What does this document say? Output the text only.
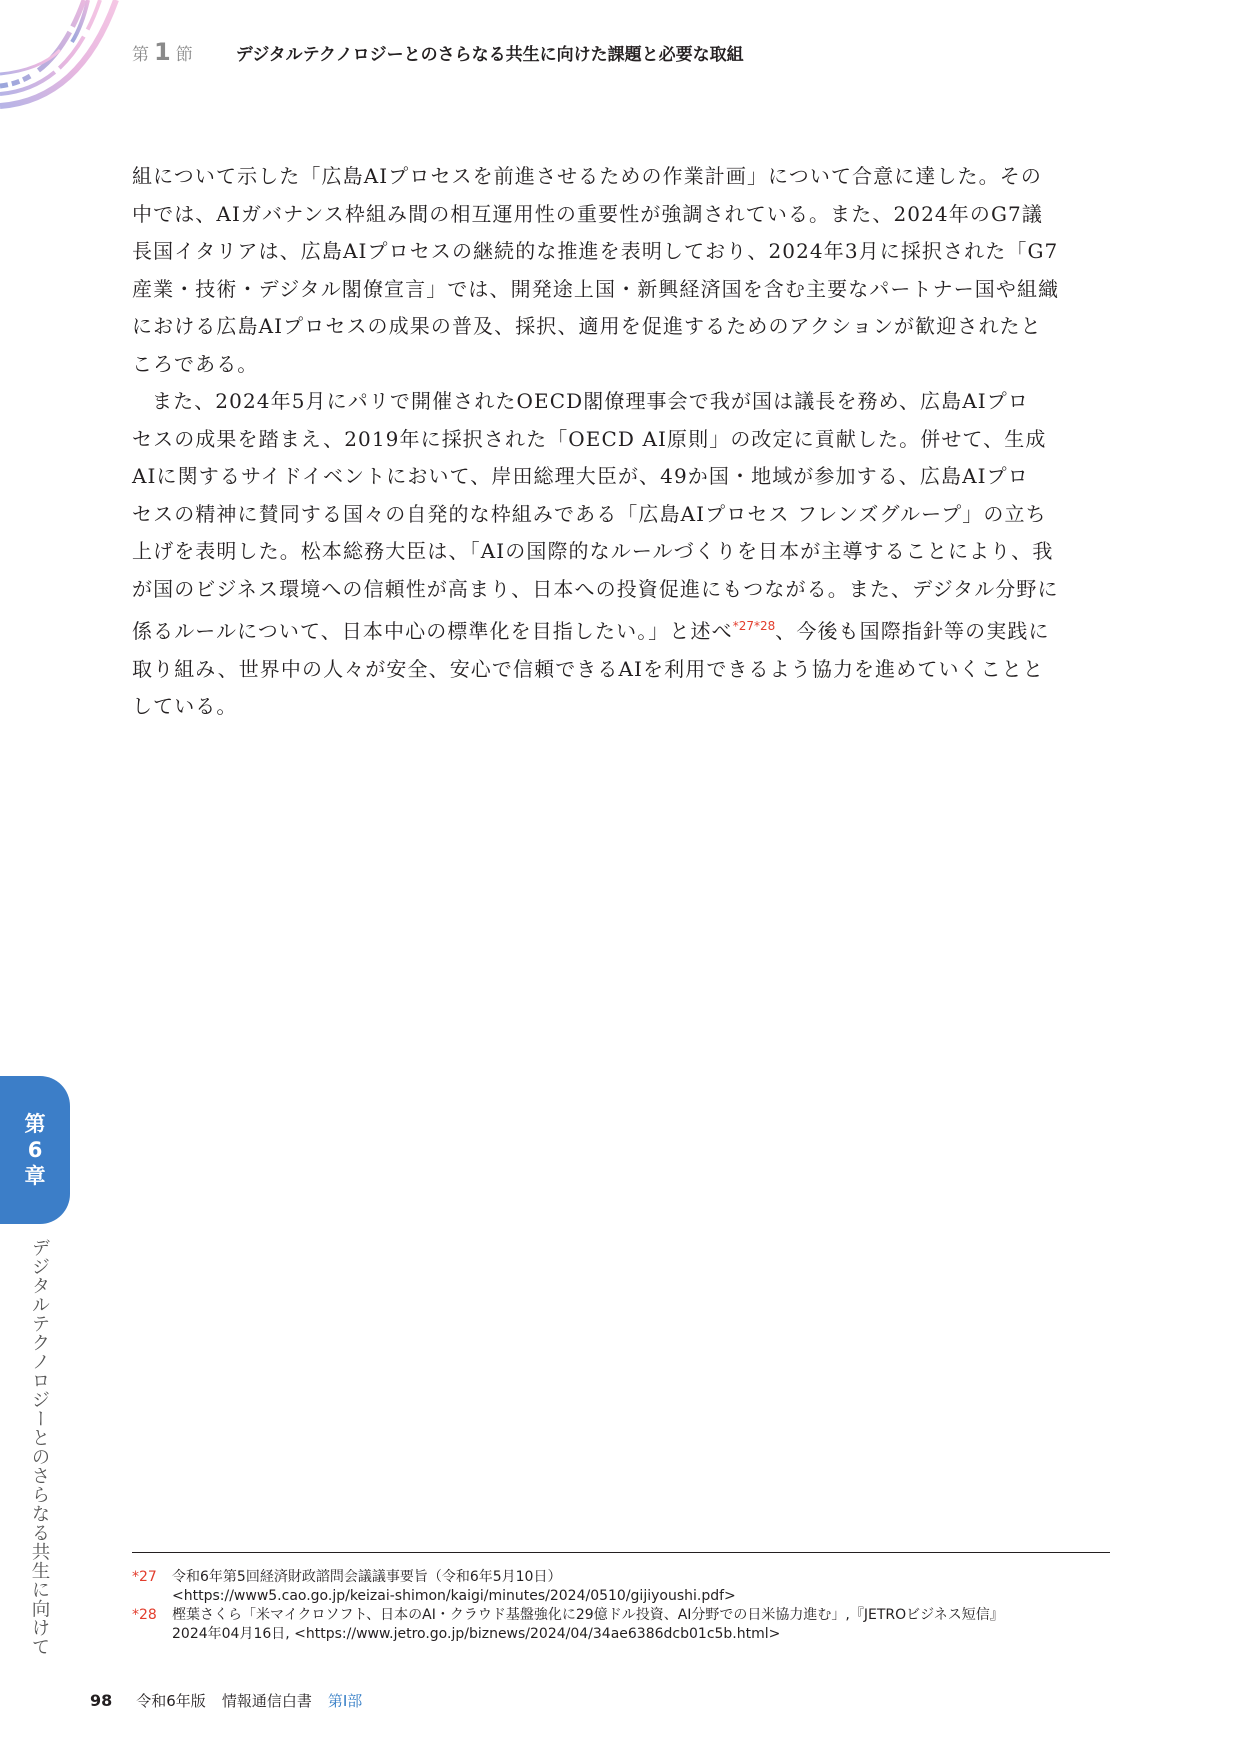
第 1 節 デジタルテクノロジーとのさらなる共生に向けた課題と必要な取組

組について示した「広島AIプロセスを前進させるための作業計画」について合意に達した。その

中では、AIガバナンス枠組み間の相互運用性の重要性が強調されている。また、2024年のG7議

長国イタリアは、広島AIプロセスの継続的な推進を表明しており、2024年3月に採択された「G7

産業・技術・デジタル閣僚宣言」では、開発途上国・新興経済国を含む主要なパートナー国や組織

における広島AIプロセスの成果の普及、採択、適用を促進するためのアクションが歓迎されたと

ころである。

また、2024年5月にパリで開催されたOECD閣僚理事会で我が国は議長を務め、広島AIプロ

セスの成果を踏まえ、2019年に採択された「OECD AI原則」の改定に貢献した。併せて、生成

AIに関するサイドイベントにおいて、岸田総理大臣が、49か国・地域が参加する、広島AIプロ

セスの精神に賛同する国々の自発的な枠組みである「広島AIプロセス フレンズグループ」の立ち

上げを表明した。松本総務大臣は、「AIの国際的なルールづくりを日本が主導することにより、我

が国のビジネス環境への信頼性が高まり、日本への投資促進にもつながる。また、デジタル分野に

係るルールについて、日本中心の標準化を目指したい。」と述べ$^{*27*28}$、今後も国際指針等の実践に

取り組み、世界中の人々が安全、安心で信頼できるAIを利用できるよう協力を進めていくことと

している。

第
6
章
デジタルテクノロジーとのさらなる共生に向けて	*27	令和6年第5回経済財政諮問会議議事要旨（令和6年5月10日）
<https://www5.cao.go.jp/keizai-shimon/kaigi/minutes/2024/0510/gijiyoushi.pdf>
*28	樫葉さくら「米マイクロソフト、日本のAI・クラウド基盤強化に29億ドル投資、AI分野での日米協力進む」,『JETROビジネス短信』
2024年04月16日, <https://www.jetro.go.jp/biznews/2024/04/34ae6386dcb01c5b.html>
98 令和6年版 情報通信白書 第Ⅰ部
